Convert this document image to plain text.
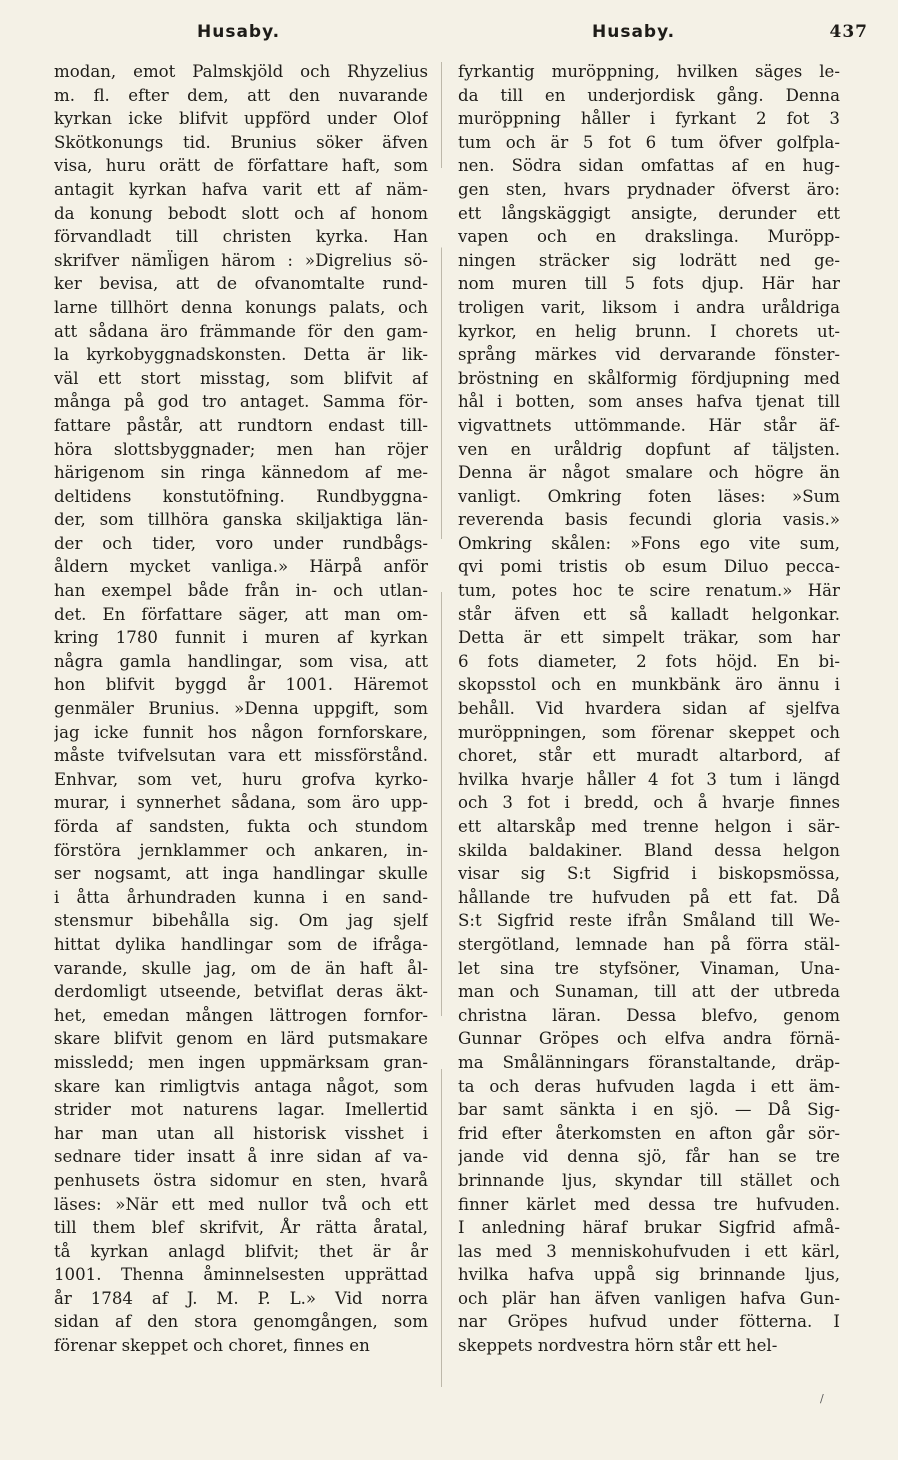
Husaby.	Husaby.	437
modan, emot Palmskjöld och Rhyzelius
m. fl. efter dem, att den nuvarande
kyrkan icke blifvit uppförd under Olof
Skötkonungs tid. Brunius söker äfven
visa, huru orätt de författare haft, som
antagit kyrkan hafva varit ett af näm-
da konung bebodt slott och af honom
förvandladt till christen kyrka. Han
skrifver näml̈igen härom : »Digrelius sö-
ker bevisa, att de ofvanomtalte rund-
larne tillhört denna konungs palats, och
att sådana äro främmande för den gam-
la kyrkobyggnadskonsten. Detta är lik-
väl ett stort misstag, som blifvit af
många på god tro antaget. Samma för-
fattare påstår, att rundtorn endast till-
höra slottsbyggnader; men han röjer
härigenom sin ringa kännedom af me-
deltidens konstutöfning. Rundbyggna-
der, som tillhöra ganska skiljaktiga län-
der och tider, voro under rundbågs-
åldern mycket vanliga.» Härpå anför
han exempel både från in- och utlan-
det. En författare säger, att man om-
kring 1780 funnit i muren af kyrkan
några gamla handlingar, som visa, att
hon blifvit byggd år 1001. Häremot
genmäler Brunius. »Denna uppgift, som
jag icke funnit hos någon fornforskare,
måste tvifvelsutan vara ett missförstånd.
Enhvar, som vet, huru grofva kyrko-
murar, i synnerhet sådana, som äro upp-
förda af sandsten, fukta och stundom
förstöra jernklammer och ankaren, in-
ser nogsamt, att inga handlingar skulle
i åtta århundraden kunna i en sand-
stensmur bibehålla sig. Om jag sjelf
hittat dylika handlingar som de ifråga-
varande, skulle jag, om de än haft ål-
derdomligt utseende, betviflat deras äkt-
het, emedan mången lättrogen fornfor-
skare blifvit genom en lärd putsmakare
missledd; men ingen uppmärksam gran-
skare kan rimligtvis antaga något, som
strider mot naturens lagar. Imellertid
har man utan all historisk visshet i
sednare tider insatt å inre sidan af va-
penhusets östra sidomur en sten, hvarå
läses: »När ett med nullor två och ett
till them blef skrifvit, År rätta åratal,
tå kyrkan anlagd blifvit; thet är år
1001. Thenna åminnelsesten upprättad
år 1784 af J. M. P. L.» Vid norra
sidan af den stora genomgången, som
förenar skeppet och choret, finnes en
fyrkantig muröppning, hvilken säges le-
da till en underjordisk gång. Denna
muröppning håller i fyrkant 2 fot 3
tum och är 5 fot 6 tum öfver golfpla-
nen. Södra sidan omfattas af en hug-
gen sten, hvars prydnader öfverst äro:
ett långskäggigt ansigte, derunder ett
vapen och en drakslinga. Muröpp-
ningen sträcker sig lodrätt ned ge-
nom muren till 5 fots djup. Här har
troligen varit, liksom i andra uråldriga
kyrkor, en helig brunn. I chorets ut-
språng märkes vid dervarande fönster-
bröstning en skålformig fördjupning med
hål i botten, som anses hafva tjenat till
vigvattnets uttömmande. Här står äf-
ven en uråldrig dopfunt af täljsten.
Denna är något smalare och högre än
vanligt. Omkring foten läses: »Sum
reverenda basis fecundi gloria vasis.»
Omkring skålen: »Fons ego vite sum,
qvi pomi tristis ob esum Diluo pecca-
tum, potes hoc te scire renatum.» Här
står äfven ett så kalladt helgonkar.
Detta är ett simpelt träkar, som har
6 fots diameter, 2 fots höjd. En bi-
skopsstol och en munkbänk äro ännu i
behåll. Vid hvardera sidan af sjelfva
muröppningen, som förenar skeppet och
choret, står ett muradt altarbord, af
hvilka hvarje håller 4 fot 3 tum i längd
och 3 fot i bredd, och å hvarje finnes
ett altarskåp med trenne helgon i sär-
skilda baldakiner. Bland dessa helgon
visar sig S:t Sigfrid i biskopsmössa,
hållande tre hufvuden på ett fat. Då
S:t Sigfrid reste ifrån Småland till We-
stergötland, lemnade han på förra stäl-
let sina tre styfsöner, Vinaman, Una-
man och Sunaman, till att der utbreda
christna läran. Dessa blefvo, genom
Gunnar Gröpes och elfva andra förnä-
ma Smålänningars föranstaltande, dräp-
ta och deras hufvuden lagda i ett äm-
bar samt sänkta i en sjö. — Då Sig-
frid efter återkomsten en afton går sör-
jande vid denna sjö, får han se tre
brinnande ljus, skyndar till stället och
finner kärlet med dessa tre hufvuden.
I anledning häraf brukar Sigfrid afmå-
las med 3 menniskohufvuden i ett kärl,
hvilka hafva uppå sig brinnande ljus,
och plär han äfven vanligen hafva Gun-
nar Gröpes hufvud under fötterna. I
skeppets nordvestra hörn står ett hel-
/
